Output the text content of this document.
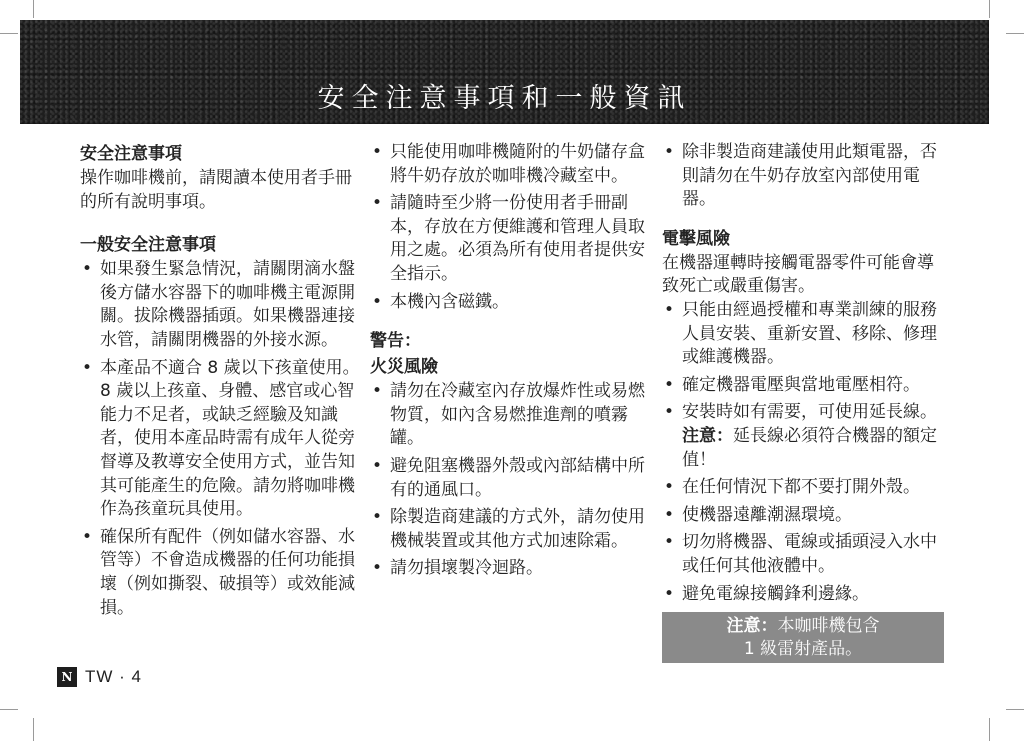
安全注意事項和一般資訊
安全注意事項

操作咖啡機前，請閱讀本使用者手冊的所有說明事項。

一般安全注意事項
• 如果發生緊急情況，請關閉滴水盤後方儲水容器下的咖啡機主電源開關。拔除機器插頭。如果機器連接水管，請關閉機器的外接水源。
• 本產品不適合 8 歲以下孩童使用。8 歲以上孩童、身體、感官或心智能力不足者，或缺乏經驗及知識者，使用本產品時需有成年人從旁督導及教導安全使用方式，並告知其可能產生的危險。請勿將咖啡機作為孩童玩具使用。
• 確保所有配件（例如儲水容器、水管等）不會造成機器的任何功能損壞（例如撕裂、破損等）或效能減損。
• 只能使用咖啡機隨附的牛奶儲存盒將牛奶存放於咖啡機冷藏室中。
• 請隨時至少將一份使用者手冊副本，存放在方便維護和管理人員取用之處。必須為所有使用者提供安全指示。
• 本機內含磁鐵。
警告：
火災風險
• 請勿在冷藏室內存放爆炸性或易燃物質，如內含易燃推進劑的噴霧罐。
• 避免阻塞機器外殼或內部結構中所有的通風口。
• 除製造商建議的方式外，請勿使用機械裝置或其他方式加速除霜。
• 請勿損壞製冷迴路。
• 除非製造商建議使用此類電器，否則請勿在牛奶存放室內部使用電器。
電擊風險

在機器運轉時接觸電器零件可能會導致死亡或嚴重傷害。

• 只能由經過授權和專業訓練的服務人員安裝、重新安置、移除、修理或維護機器。
• 確定機器電壓與當地電壓相符。
• 安裝時如有需要，可使用延長線。注意：延長線必須符合機器的額定值！
• 在任何情況下都不要打開外殼。
• 使機器遠離潮濕環境。
• 切勿將機器、電線或插頭浸入水中或任何其他液體中。
• 避免電線接觸鋒利邊緣。
注意：本咖啡機包含
1 級雷射產品。
N TW · 4
